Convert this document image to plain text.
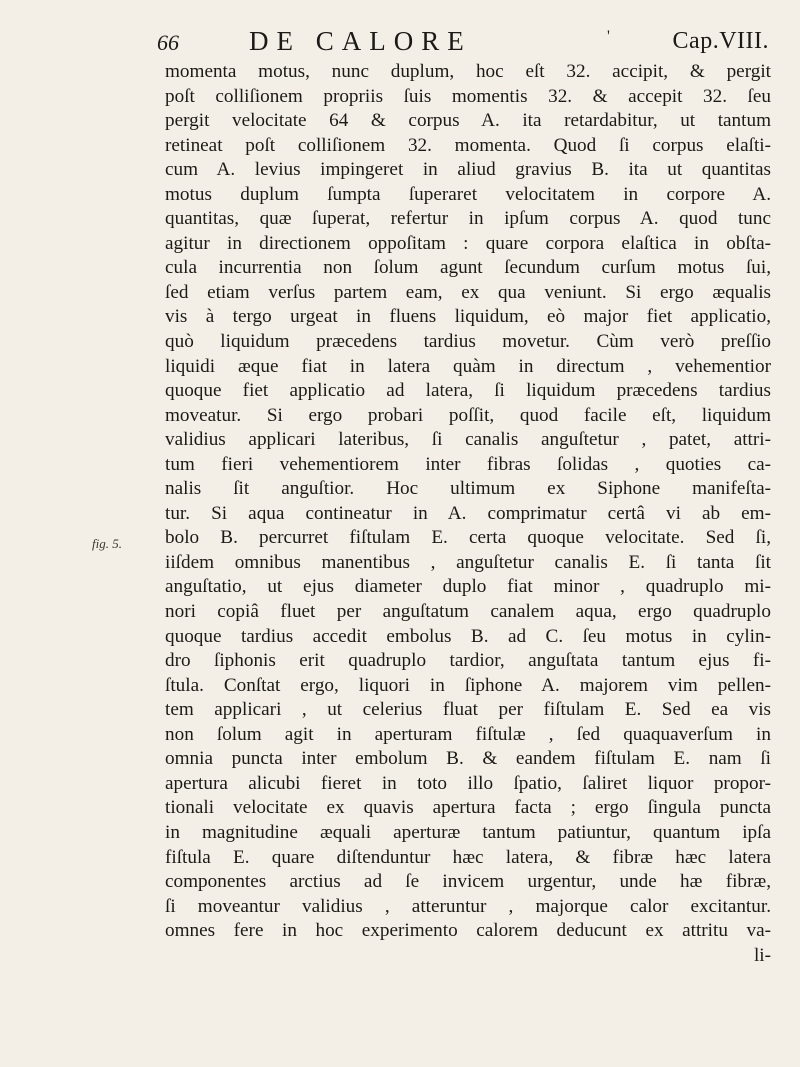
66	DE CALORE	'	Cap.VIII.
fig. 5.
momenta motus, nunc duplum, hoc eſt 32. accipit, & pergit
poſt colliſionem propriis ſuis momentis 32. & accepit 32. ſeu
pergit velocitate 64 & corpus A. ita retardabitur, ut tantum
retineat poſt colliſionem 32. momenta. Quod ſi corpus elaſti-
cum A. levius impingeret in aliud gravius B. ita ut quantitas
motus duplum ſumpta ſuperaret velocitatem in corpore A.
quantitas, quæ ſuperat, refertur in ipſum corpus A. quod tunc
agitur in directionem oppoſitam : quare corpora elaſtica in obſta-
cula incurrentia non ſolum agunt ſecundum curſum motus ſui,
ſed etiam verſus partem eam, ex qua veniunt. Si ergo æqualis
vis à tergo urgeat in fluens liquidum, eò major fiet applicatio,
quò liquidum præcedens tardius movetur. Cùm verò preſſio
liquidi æque fiat in latera quàm in directum , vehementior
quoque fiet applicatio ad latera, ſi liquidum præcedens tardius
moveatur. Si ergo probari poſſit, quod facile eſt, liquidum
validius applicari lateribus, ſi canalis anguſtetur , patet, attri-
tum fieri vehementiorem inter fibras ſolidas , quoties ca-
nalis ſit anguſtior. Hoc ultimum ex Siphone manifeſta-
tur. Si aqua contineatur in A. comprimatur certâ vi ab em-
bolo B. percurret fiſtulam E. certa quoque velocitate. Sed ſi,
iiſdem omnibus manentibus , anguſtetur canalis E. ſi tanta ſit
anguſtatio, ut ejus diameter duplo fiat minor , quadruplo mi-
nori copiâ fluet per anguſtatum canalem aqua, ergo quadruplo
quoque tardius accedit embolus B. ad C. ſeu motus in cylin-
dro ſiphonis erit quadruplo tardior, anguſtata tantum ejus fi-
ſtula. Conſtat ergo, liquori in ſiphone A. majorem vim pellen-
tem applicari , ut celerius fluat per fiſtulam E. Sed ea vis
non ſolum agit in aperturam fiſtulæ , ſed quaquaverſum in
omnia puncta inter embolum B. & eandem fiſtulam E. nam ſi
apertura alicubi fieret in toto illo ſpatio, ſaliret liquor propor-
tionali velocitate ex quavis apertura facta ; ergo ſingula puncta
in magnitudine æquali aperturæ tantum patiuntur, quantum ipſa
fiſtula E. quare diſtenduntur hæc latera, & fibræ hæc latera
componentes arctius ad ſe invicem urgentur, unde hæ fibræ,
ſi moveantur validius , atteruntur , majorque calor excitantur.
omnes fere in hoc experimento calorem deducunt ex attritu va-
li-
